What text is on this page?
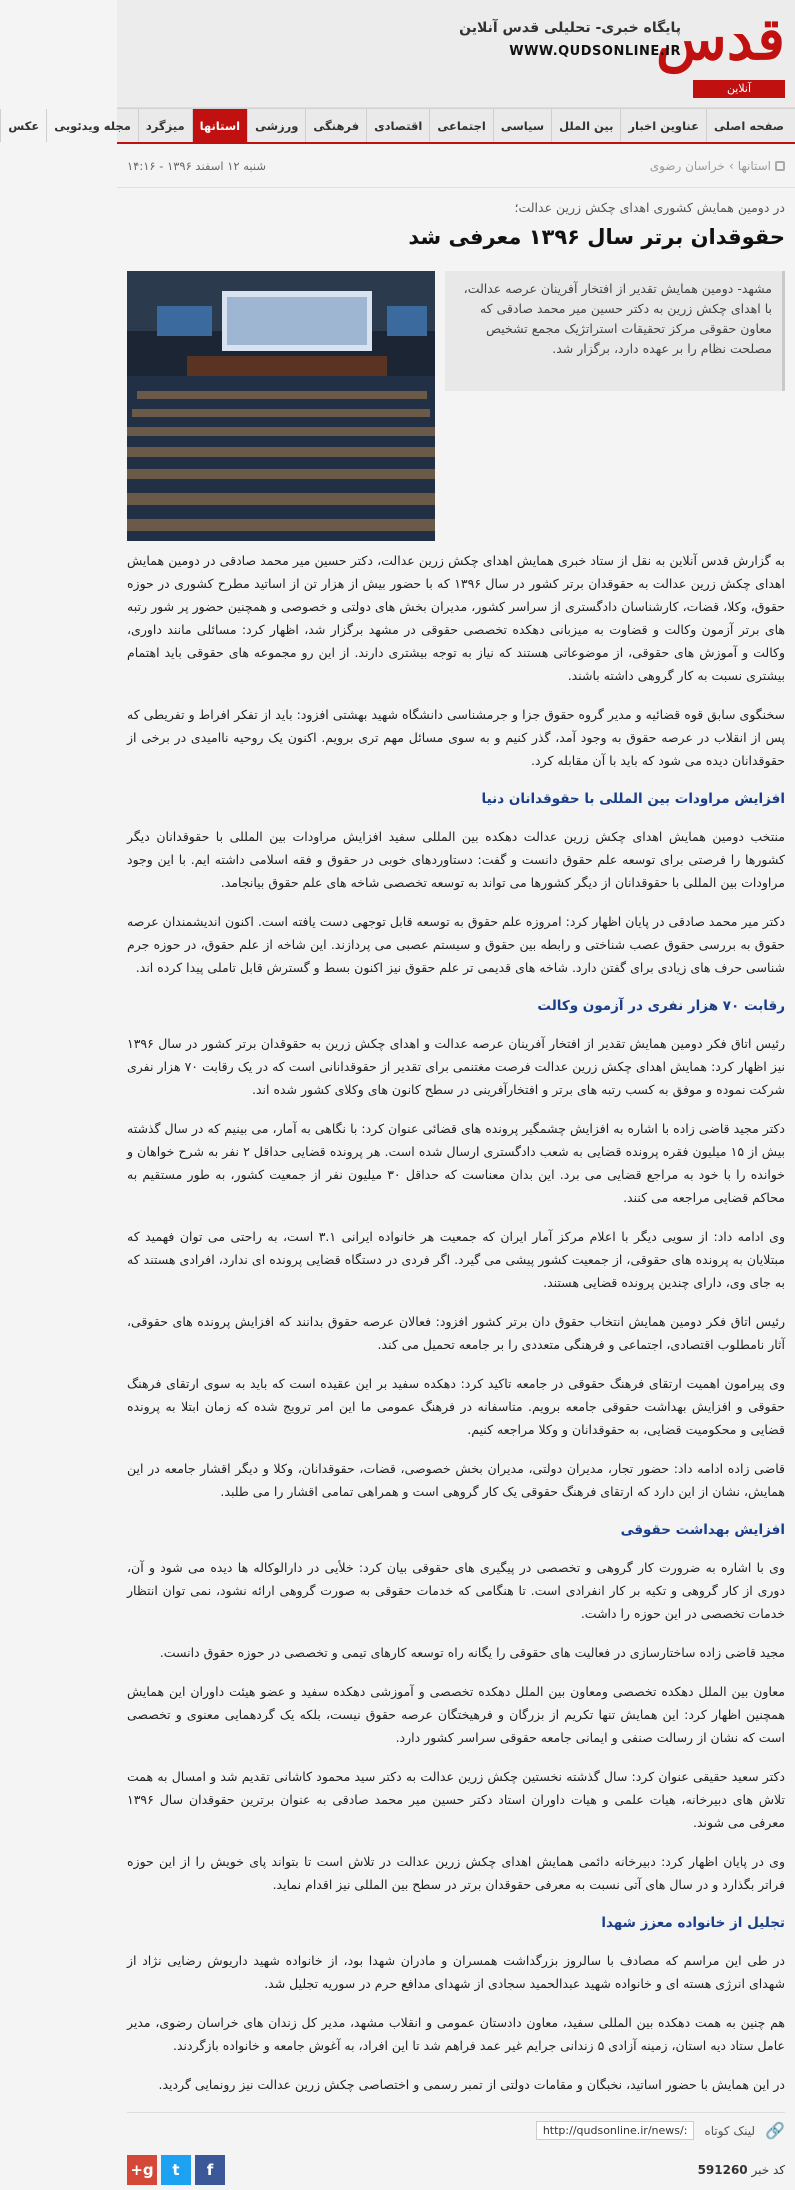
قدس
آنلاین
پایگاه خبری- تحلیلی قدس آنلاین
WWW.QUDSONLINE.IR
صفحه اصلی
عناوین اخبار
بین الملل
سیاسی
اجتماعی
اقتصادی
فرهنگی
ورزشی
استانها
میزگرد
مجله ویدئویی
عکس
استانها
›
خراسان رضوی
شنبه ۱۲ اسفند ۱۳۹۶ - ۱۴:۱۶
در دومین همایش کشوری اهدای چکش زرین عدالت؛
حقوقدان برتر سال ۱۳۹۶ معرفی شد
مشهد- دومین همایش تقدیر از افتخار آفرینان عرصه عدالت، با اهدای چکش زرین به دکتر حسین میر محمد صادقی که معاون حقوقی مرکز تحقیقات استراتژیک مجمع تشخیص مصلحت نظام را بر عهده دارد، برگزار شد.

به گزارش قدس آنلاین به نقل از ستاد خبری همایش اهدای چکش زرین عدالت، دکتر حسین میر محمد صادقی در دومین همایش اهدای چکش زرین عدالت به حقوقدان برتر کشور در سال ۱۳۹۶ که با حضور بیش از هزار تن از اساتید مطرح کشوری در حوزه حقوق، وکلا، قضات، کارشناسان دادگستری از سراسر کشور، مدیران بخش های دولتی و خصوصی و همچنین حضور پر شور رتبه های برتر آزمون وکالت و قضاوت به میزبانی دهکده تخصصی حقوقی در مشهد برگزار شد، اظهار کرد: مسائلی مانند داوری، وکالت و آموزش های حقوقی، از موضوعاتی هستند که نیاز به توجه بیشتری دارند. از این رو مجموعه های حقوقی باید اهتمام بیشتری نسبت به کار گروهی داشته باشند.

سخنگوی سابق قوه قضائیه و مدیر گروه حقوق جزا و جرمشناسی دانشگاه شهید بهشتی افزود: باید از تفکر افراط و تفریطی که پس از انقلاب در عرصه حقوق به وجود آمد، گذر کنیم و به سوی مسائل مهم تری برویم. اکنون یک روحیه ناامیدی در برخی از حقوقدانان دیده می شود که باید با آن مقابله کرد.

افزایش مراودات بین المللی با حقوقدانان دنیا

منتخب دومین همایش اهدای چکش زرین عدالت دهکده بین المللی سفید افزایش مراودات بین المللی با حقوقدانان دیگر کشورها را فرصتی برای توسعه علم حقوق دانست و گفت: دستاوردهای خوبی در حقوق و فقه اسلامی داشته ایم. با این وجود مراودات بین المللی با حقوقدانان از دیگر کشورها می تواند به توسعه تخصصی شاخه های علم حقوق بیانجامد.

دکتر میر محمد صادقی در پایان اظهار کرد: امروزه علم حقوق به توسعه قابل توجهی دست یافته است. اکنون اندیشمندان عرصه حقوق به بررسی حقوق عصب شناختی و رابطه بین حقوق و سیستم عصبی می پردازند. این شاخه از علم حقوق، در حوزه جرم شناسی حرف های زیادی برای گفتن دارد. شاخه های قدیمی تر علم حقوق نیز اکنون بسط و گسترش قابل تاملی پیدا کرده اند.

رقابت ۷۰ هزار نفری در آزمون وکالت

رئیس اتاق فکر دومین همایش تقدیر از افتخار آفرینان عرصه عدالت و اهدای چکش زرین به حقوقدان برتر کشور در سال ۱۳۹۶ نیز اظهار کرد: همایش اهدای چکش زرین عدالت فرصت مغتنمی برای تقدیر از حقوقدانانی است که در یک رقابت ۷۰ هزار نفری شرکت نموده و موفق به کسب رتبه های برتر و افتخارآفرینی در سطح کانون های وکلای کشور شده اند.

دکتر مجید قاضی زاده با اشاره به افزایش چشمگیر پرونده های قضائی عنوان کرد: با نگاهی به آمار، می بینیم که در سال گذشته بیش از ۱۵ میلیون فقره پرونده قضایی به شعب دادگستری ارسال شده است. هر پرونده قضایی حداقل ۲ نفر به شرح خواهان و خوانده را با خود به مراجع قضایی می برد. این بدان معناست که حداقل ۳۰ میلیون نفر از جمعیت کشور، به طور مستقیم به محاکم قضایی مراجعه می کنند.

وی ادامه داد: از سویی دیگر با اعلام مرکز آمار ایران که جمعیت هر خانواده ایرانی ۳.۱ است، به راحتی می توان فهمید که مبتلایان به پرونده های حقوقی، از جمعیت کشور پیشی می گیرد. اگر فردی در دستگاه قضایی پرونده ای ندارد، افرادی هستند که به جای وی، دارای چندین پرونده قضایی هستند.

رئیس اتاق فکر دومین همایش انتخاب حقوق دان برتر کشور افزود: فعالان عرصه حقوق بدانند که افزایش پرونده های حقوقی، آثار نامطلوب اقتصادی، اجتماعی و فرهنگی متعددی را بر جامعه تحمیل می کند.

وی پیرامون اهمیت ارتقای فرهنگ حقوقی در جامعه تاکید کرد: دهکده سفید بر این عقیده است که باید به سوی ارتقای فرهنگ حقوقی و افزایش بهداشت حقوقی جامعه برویم. متاسفانه در فرهنگ عمومی ما این امر ترویج شده که زمان ابتلا به پرونده قضایی و محکومیت قضایی، به حقوقدانان و وکلا مراجعه کنیم.

قاضی زاده ادامه داد: حضور تجار، مدیران دولتی، مدیران بخش خصوصی، قضات، حقوقدانان، وکلا و دیگر اقشار جامعه در این همایش، نشان از این دارد که ارتقای فرهنگ حقوقی یک کار گروهی است و همراهی تمامی اقشار را می طلبد.

افزایش بهداشت حقوقی

وی با اشاره به ضرورت کار گروهی و تخصصی در پیگیری های حقوقی بیان کرد: خلأیی در دارالوکاله ها دیده می شود و آن، دوری از کار گروهی و تکیه بر کار انفرادی است. تا هنگامی که خدمات حقوقی به صورت گروهی ارائه نشود، نمی توان انتظار خدمات تخصصی در این حوزه را داشت.

مجید قاضی زاده ساختارسازی در فعالیت های حقوقی را یگانه راه توسعه کارهای تیمی و تخصصی در حوزه حقوق دانست.

معاون بین الملل دهکده تخصصی ومعاون بین الملل دهکده تخصصی و آموزشی دهکده سفید و عضو هیئت داوران این همایش همچنین اظهار کرد: این همایش تنها تکریم از بزرگان و فرهیختگان عرصه حقوق نیست، بلکه یک گردهمایی معنوی و تخصصی است که نشان از رسالت صنفی و ایمانی جامعه حقوقی سراسر کشور دارد.

دکتر سعید حقیقی عنوان کرد: سال گذشته نخستین چکش زرین عدالت به دکتر سید محمود کاشانی تقدیم شد و امسال به همت تلاش های دبیرخانه، هیات علمی و هیات داوران استاد دکتر حسین میر محمد صادقی به عنوان برترین حقوقدان سال ۱۳۹۶ معرفی می شوند.

وی در پایان اظهار کرد: دبیرخانه دائمی همایش اهدای چکش زرین عدالت در تلاش است تا بتواند پای خویش را از این حوزه فراتر بگذارد و در سال های آتی نسبت به معرفی حقوقدان برتر در سطح بین المللی نیز اقدام نماید.

تجلیل از خانواده معزز شهدا

در طی این مراسم که مصادف با سالروز بزرگداشت همسران و مادران شهدا بود، از خانواده شهید داریوش رضایی نژاد از شهدای انرژی هسته ای و خانواده شهید عبدالحمید سجادی از شهدای مدافع حرم در سوریه تجلیل شد.

هم چنین به همت دهکده بین المللی سفید، معاون دادستان عمومی و انقلاب مشهد، مدیر کل زندان های خراسان رضوی، مدیر عامل ستاد دیه استان، زمینه آزادی ۵ زندانی جرایم غیر عمد فراهم شد تا این افراد، به آغوش جامعه و خانواده بازگردند.

در این همایش با حضور اساتید، نخبگان و مقامات دولتی از تمبر رسمی و اختصاصی چکش زرین عدالت نیز رونمایی گردید.

🔗
لینک کوتاه
http://qudsonline.ir/news/:
کد خبر 591260
g+	t	f
